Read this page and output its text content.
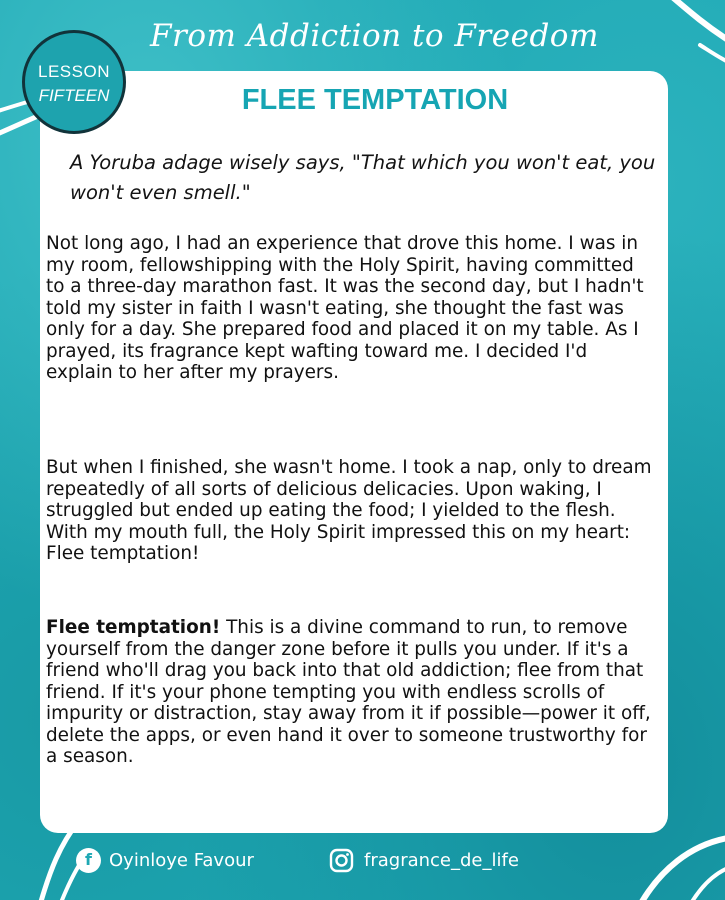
From Addiction to Freedom
LESSON
FIFTEEN	FLEE TEMPTATION

A Yoruba adage wisely says, "That which you won't eat, you won't even smell."

Not long ago, I had an experience that drove this home. I was in my room, fellowshipping with the Holy Spirit, having committed to a three-day marathon fast. It was the second day, but I hadn't told my sister in faith I wasn't eating, she thought the fast was only for a day. She prepared food and placed it on my table. As I prayed, its fragrance kept wafting toward me. I decided I'd explain to her after my prayers.

But when I finished, she wasn't home. I took a nap, only to dream repeatedly of all sorts of delicious delicacies. Upon waking, I struggled but ended up eating the food; I yielded to the flesh. With my mouth full, the Holy Spirit impressed this on my heart: Flee temptation!

Flee temptation! This is a divine command to run, to remove yourself from the danger zone before it pulls you under. If it's a friend who'll drag you back into that old addiction; flee from that friend. If it's your phone tempting you with endless scrolls of impurity or distraction, stay away from it if possible—power it off, delete the apps, or even hand it over to someone trustworthy for a season.

f Oyinloye Favour	fragrance_de_life
